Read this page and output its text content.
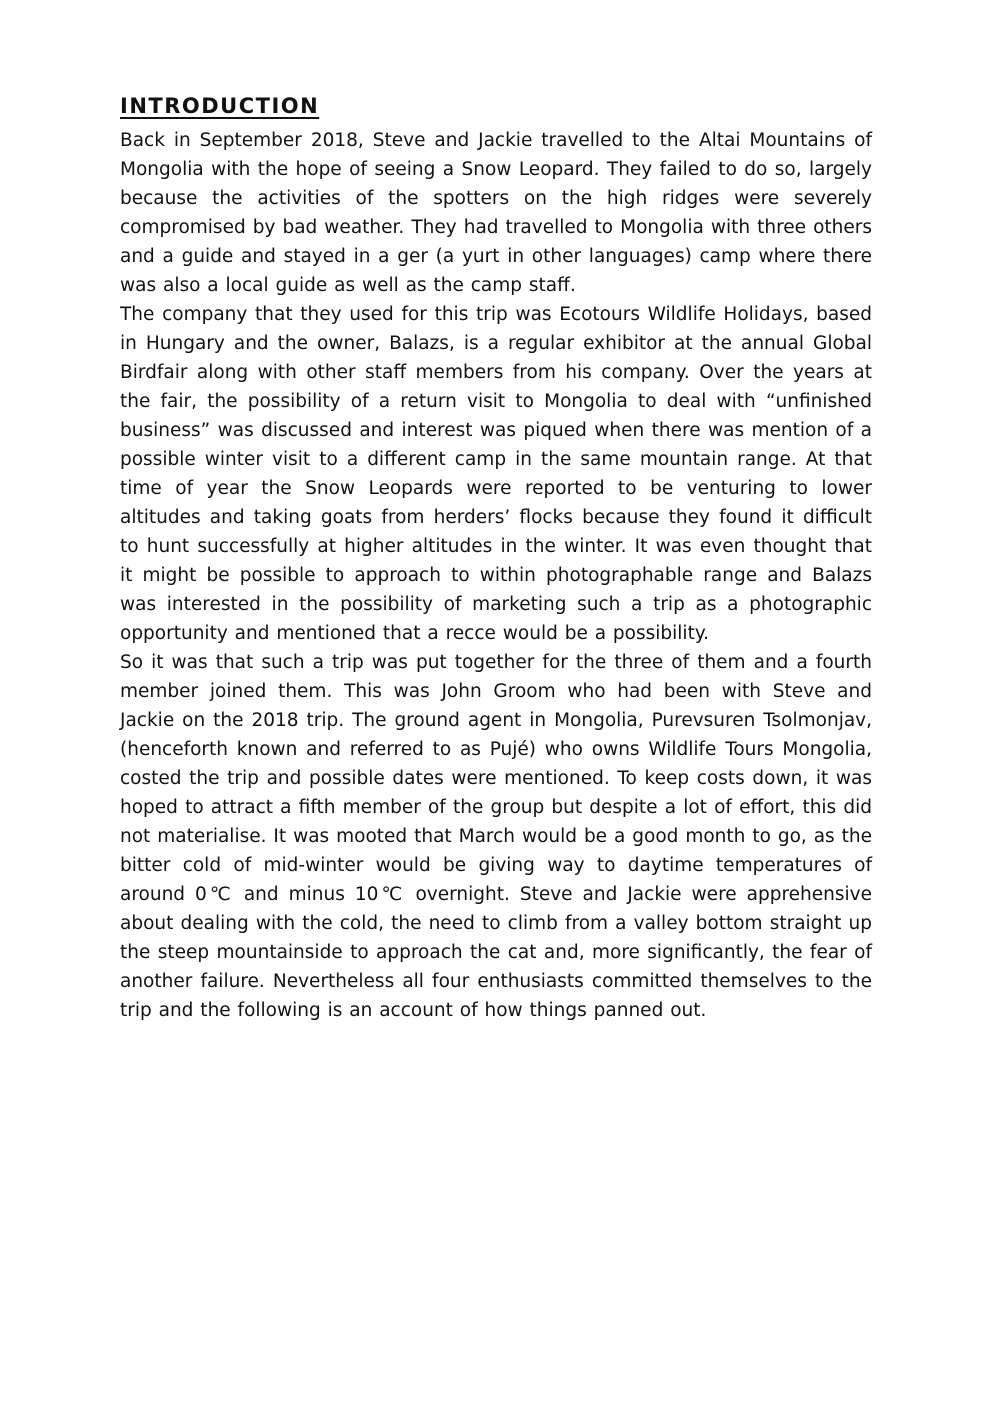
INTRODUCTION

Back in September 2018, Steve and Jackie travelled to the Altai Mountains of Mongolia with the hope of seeing a Snow Leopard. They failed to do so, largely because the activities of the spotters on the high ridges were severely compromised by bad weather. They had travelled to Mongolia with three others and a guide and stayed in a ger (a yurt in other languages) camp where there was also a local guide as well as the camp staff.

The company that they used for this trip was Ecotours Wildlife Holidays, based in Hungary and the owner, Balazs, is a regular exhibitor at the annual Global Birdfair along with other staff members from his company. Over the years at the fair, the possibility of a return visit to Mongolia to deal with “unfinished business” was discussed and interest was piqued when there was mention of a possible winter visit to a different camp in the same mountain range. At that time of year the Snow Leopards were reported to be venturing to lower altitudes and taking goats from herders’ flocks because they found it difficult to hunt successfully at higher altitudes in the winter. It was even thought that it might be possible to approach to within photographable range and Balazs was interested in the possibility of marketing such a trip as a photographic opportunity and mentioned that a recce would be a possibility.

So it was that such a trip was put together for the three of them and a fourth member joined them. This was John Groom who had been with Steve and Jackie on the 2018 trip. The ground agent in Mongolia, Purevsuren Tsolmonjav, (henceforth known and referred to as Pujé) who owns Wildlife Tours Mongolia, costed the trip and possible dates were mentioned. To keep costs down, it was hoped to attract a fifth member of the group but despite a lot of effort, this did not materialise. It was mooted that March would be a good month to go, as the bitter cold of mid-winter would be giving way to daytime temperatures of around 0℃ and minus 10℃ overnight. Steve and Jackie were apprehensive about dealing with the cold, the need to climb from a valley bottom straight up the steep mountainside to approach the cat and, more significantly, the fear of another failure. Nevertheless all four enthusiasts committed themselves to the trip and the following is an account of how things panned out.
